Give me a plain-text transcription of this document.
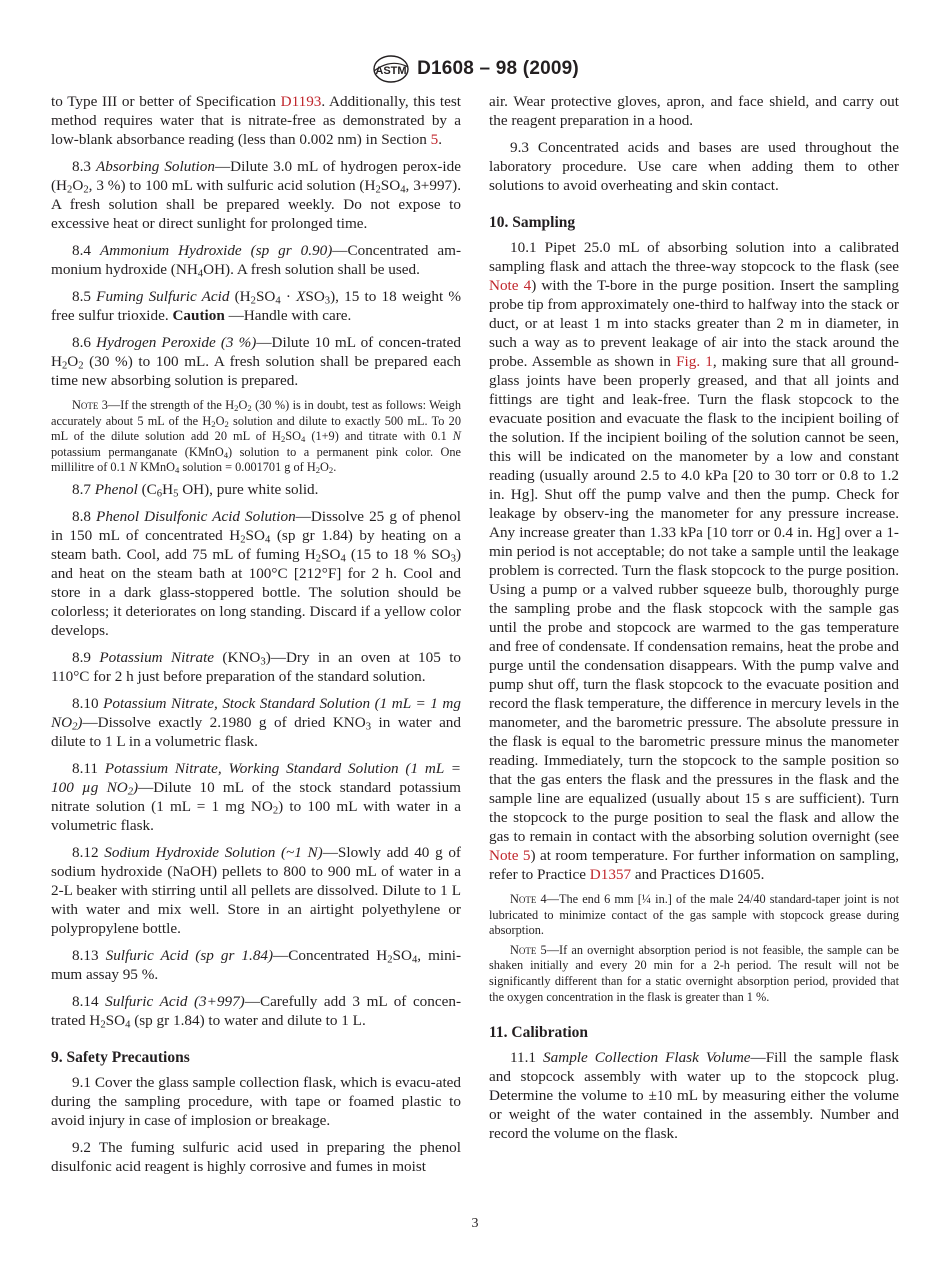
ASTM D1608 – 98 (2009)

to Type III or better of Specification D1193. Additionally, this test method requires water that is nitrate-free as demonstrated by a low-blank absorbance reading (less than 0.002 nm) in Section 5.

8.3 Absorbing Solution—Dilute 3.0 mL of hydrogen perox-ide ($H_2O_2$, 3 %) to 100 mL with sulfuric acid solution ($H_2SO_4$, 3+997). A fresh solution shall be prepared weekly. Do not expose to excessive heat or direct sunlight for prolonged time.

8.4 Ammonium Hydroxide (sp gr 0.90)—Concentrated am-monium hydroxide $(NH_4OH)$. A fresh solution shall be used.

8.5 Fuming Sulfuric Acid $(H_2SO_4 \cdot XSO_3)$, 15 to 18 weight % free sulfur trioxide. Caution —Handle with care.

8.6 Hydrogen Peroxide (3 %)—Dilute 10 mL of concen-trated $H_2O_2$ (30 %) to 100 mL. A fresh solution shall be prepared each time new absorbing solution is prepared.

Note 3—If the strength of the $H_2O_2$ (30 %) is in doubt, test as follows: Weigh accurately about 5 mL of the $H_2O_2$ solution and dilute to exactly 500 mL. To 20 mL of the dilute solution add 20 mL of $H_2SO_4$ (1+9) and titrate with 0.1 N potassium permanganate (KMnO$_4$) solution to a permanent pink color. One millilitre of 0.1 N KMnO$_4$ solution = 0.001701 g of $H_2O_2$.

8.7 Phenol ($C_6H_5$ OH), pure white solid.

8.8 Phenol Disulfonic Acid Solution—Dissolve 25 g of phenol in 150 mL of concentrated $H_2SO_4$ (sp gr 1.84) by heating on a steam bath. Cool, add 75 mL of fuming $H_2SO_4$ (15 to 18 % $SO_3$) and heat on the steam bath at 100°C [212°F] for 2 h. Cool and store in a dark glass-stoppered bottle. The solution should be colorless; it deteriorates on long standing. Discard if a yellow color develops.

8.9 Potassium Nitrate $(KNO_3)—Dry$ in an oven at 105 to 110°C for 2 h just before preparation of the standard solution.

8.10 Potassium Nitrate, Stock Standard Solution (1 mL = 1 mg $NO_2)—Dissolve$ exactly 2.1980 g of dried $KNO_3$ in water and dilute to 1 L in a volumetric flask.

8.11 Potassium Nitrate, Working Standard Solution (1 mL = 100 µg $NO_2)—Dilute$ 10 mL of the stock standard potassium nitrate solution (1 mL = 1 mg $NO_2$) to 100 mL with water in a volumetric flask.

8.12 Sodium Hydroxide Solution (~1 N)—Slowly add 40 g of sodium hydroxide (NaOH) pellets to 800 to 900 mL of water in a 2-L beaker with stirring until all pellets are dissolved. Dilute to 1 L with water and mix well. Store in an airtight polyethylene or polypropylene bottle.

8.13 Sulfuric Acid (sp gr 1.84)—Concentrated $H_2SO_4$, mini-mum assay 95 %.

8.14 Sulfuric Acid (3+997)—Carefully add 3 mL of concen-trated $H_2SO_4$ (sp gr 1.84) to water and dilute to 1 L.

9. Safety Precautions

9.1 Cover the glass sample collection flask, which is evacu-ated during the sampling procedure, with tape or foamed plastic to avoid injury in case of implosion or breakage.

9.2 The fuming sulfuric acid used in preparing the phenol disulfonic acid reagent is highly corrosive and fumes in moist

air. Wear protective gloves, apron, and face shield, and carry out the reagent preparation in a hood.

9.3 Concentrated acids and bases are used throughout the laboratory procedure. Use care when adding them to other solutions to avoid overheating and skin contact.

10. Sampling

10.1 Pipet 25.0 mL of absorbing solution into a calibrated sampling flask and attach the three-way stopcock to the flask (see Note 4) with the T-bore in the purge position. Insert the sampling probe tip from approximately one-third to halfway into the stack or duct, or at least 1 m into stacks greater than 2 m in diameter, in such a way as to prevent leakage of air into the stack around the probe. Assemble as shown in Fig. 1, making sure that all ground-glass joints have been properly greased, and that all joints and fittings are tight and leak-free. Turn the flask stopcock to the evacuate position and evacuate the flask to the incipient boiling of the solution. If the incipient boiling of the solution cannot be seen, this will be indicated on the manometer by a low and constant reading (usually around 2.5 to 4.0 kPa [20 to 30 torr or 0.8 to 1.2 in. Hg]. Shut off the pump valve and then the pump. Check for leakage by observ-ing the manometer for any pressure increase. Any increase greater than 1.33 kPa [10 torr or 0.4 in. Hg] over a 1-min period is not acceptable; do not take a sample until the leakage problem is corrected. Turn the flask stopcock to the purge position. Using a pump or a valved rubber squeeze bulb, thoroughly purge the sampling probe and the flask stopcock with the sample gas until the probe and stopcock are warmed to the gas temperature and free of condensate. If condensation remains, heat the probe and purge until the condensation disappears. With the pump valve and pump shut off, turn the flask stopcock to the evacuate position and record the flask temperature, the difference in mercury levels in the manometer, and the barometric pressure. The absolute pressure in the flask is equal to the barometric pressure minus the manometer reading. Immediately, turn the stopcock to the sample position so that the gas enters the flask and the pressures in the flask and the sample line are equalized (usually about 15 s are sufficient). Turn the stopcock to the purge position to seal the flask and allow the gas to remain in contact with the absorbing solution overnight (see Note 5) at room temperature. For further information on sampling, refer to Practice D1357 and Practices D1605.

Note 4—The end 6 mm [¼ in.] of the male 24/40 standard-taper joint is not lubricated to minimize contact of the gas sample with stopcock grease during absorption.

Note 5—If an overnight absorption period is not feasible, the sample can be shaken initially and every 20 min for a 2-h period. The result will not be significantly different than for a static overnight absorption period, provided that the oxygen concentration in the flask is greater than 1 %.

11. Calibration

11.1 Sample Collection Flask Volume—Fill the sample flask and stopcock assembly with water up to the stopcock plug. Determine the volume to ±10 mL by measuring either the volume or weight of the water contained in the assembly. Number and record the volume on the flask.

3
